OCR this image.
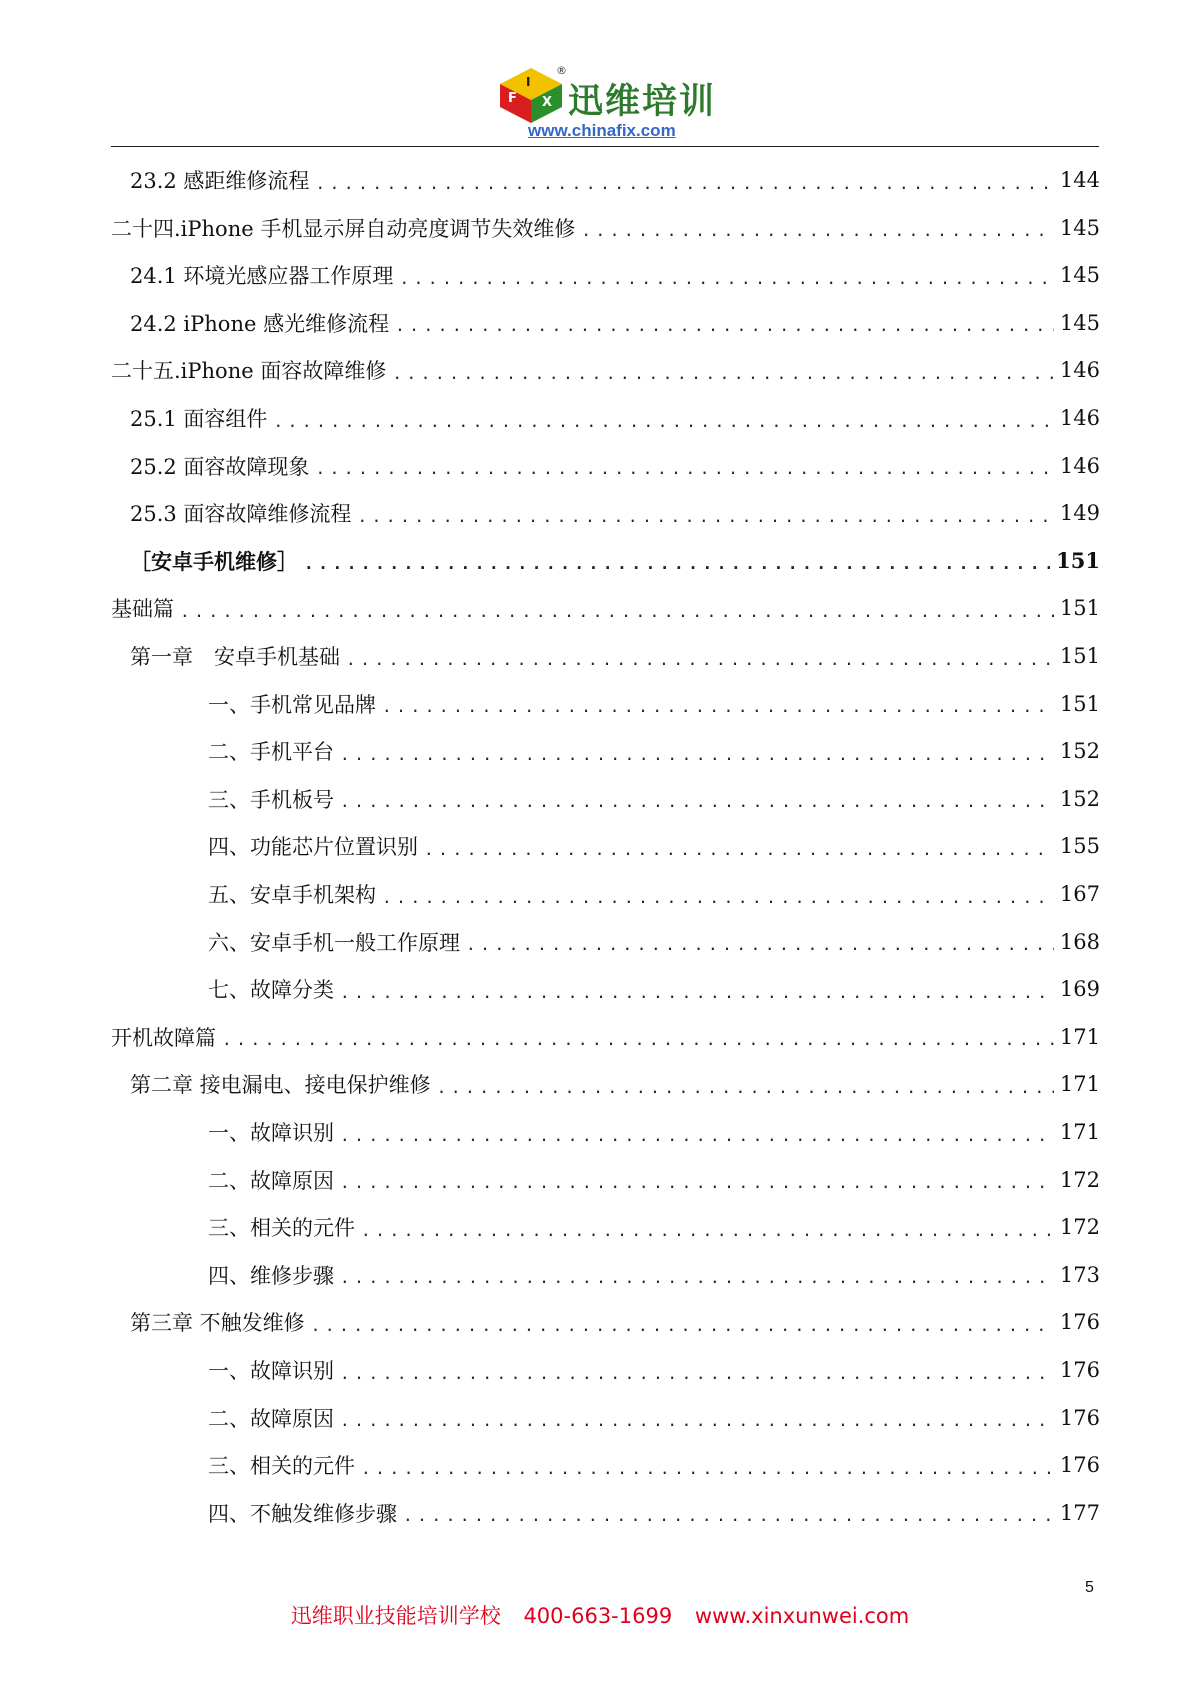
F
I
X
®
迅维培训
www.chinafix.com
23.2 感距维修流程 .....	144
二十四.iPhone 手机显示屏自动亮度调节失效维修 .....	145
24.1 环境光感应器工作原理 .....	145
24.2 iPhone 感光维修流程 .....	145
二十五.iPhone 面容故障维修 .....	146
25.1 面容组件 .....	146
25.2 面容故障现象 .....	146
25.3 面容故障维修流程 .....	149
［安卓手机维修］ .....	151
基础篇 .....	151
第一章　安卓手机基础 .....	151
一、手机常见品牌 .....	151
二、手机平台 .....	152
三、手机板号 .....	152
四、功能芯片位置识别 .....	155
五、安卓手机架构 .....	167
六、安卓手机一般工作原理 .....	168
七、故障分类 .....	169
开机故障篇 .....	171
第二章 接电漏电、接电保护维修 .....	171
一、故障识别 .....	171
二、故障原因 .....	172
三、相关的元件 .....	172
四、维修步骤 .....	173
第三章 不触发维修 .....	176
一、故障识别 .....	176
二、故障原因 .....	176
三、相关的元件 .....	176
四、不触发维修步骤 .....	177
5
迅维职业技能培训学校 400-663-1699 www.xinxunwei.com
